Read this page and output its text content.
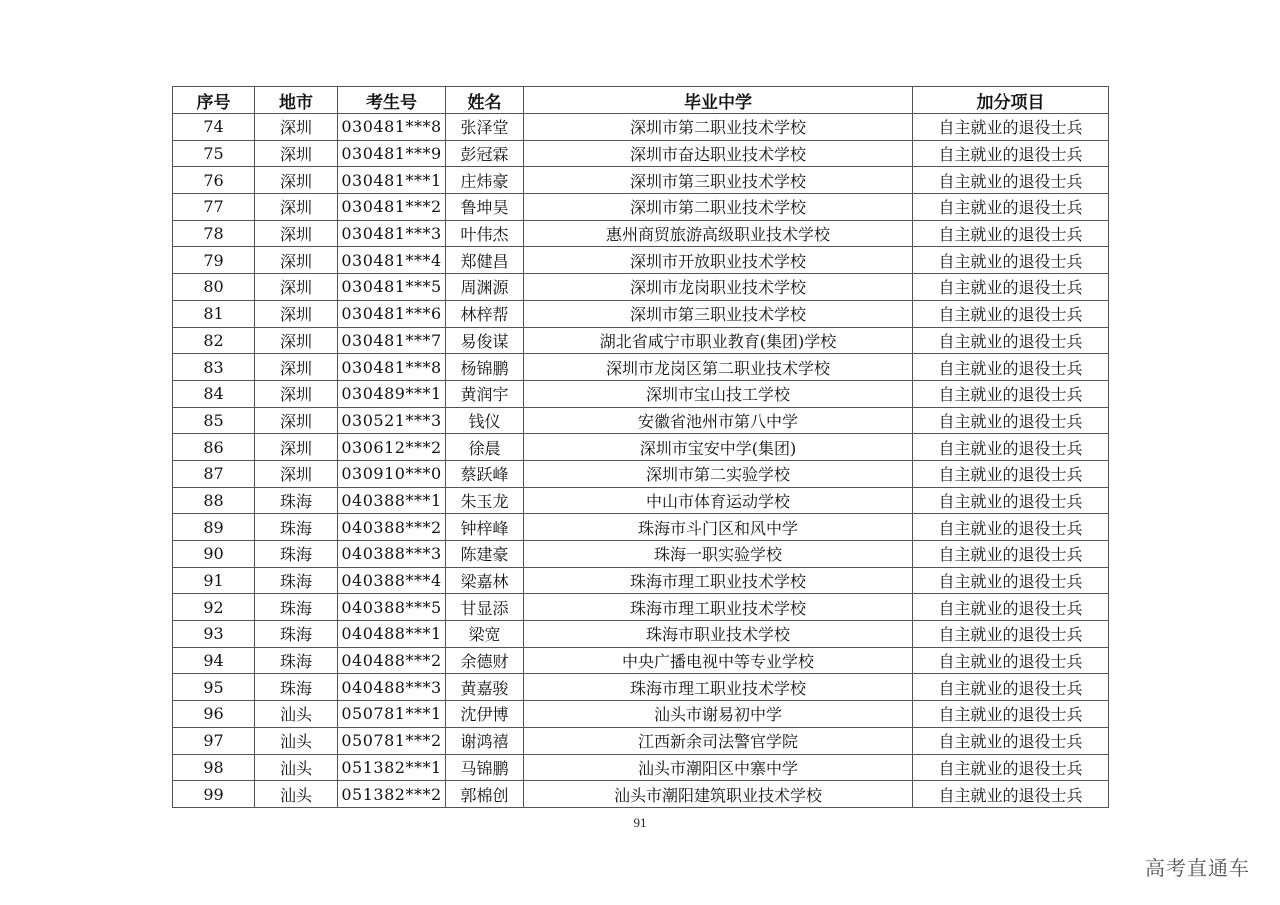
序号	地市	考生号	姓名	毕业中学	加分项目
74	深圳	030481***8	张泽堂	深圳市第二职业技术学校	自主就业的退役士兵
75	深圳	030481***9	彭冠霖	深圳市奋达职业技术学校	自主就业的退役士兵
76	深圳	030481***1	庄炜豪	深圳市第三职业技术学校	自主就业的退役士兵
77	深圳	030481***2	鲁坤昊	深圳市第二职业技术学校	自主就业的退役士兵
78	深圳	030481***3	叶伟杰	惠州商贸旅游高级职业技术学校	自主就业的退役士兵
79	深圳	030481***4	郑健昌	深圳市开放职业技术学校	自主就业的退役士兵
80	深圳	030481***5	周渊源	深圳市龙岗职业技术学校	自主就业的退役士兵
81	深圳	030481***6	林梓帮	深圳市第三职业技术学校	自主就业的退役士兵
82	深圳	030481***7	易俊谋	湖北省咸宁市职业教育(集团)学校	自主就业的退役士兵
83	深圳	030481***8	杨锦鹏	深圳市龙岗区第二职业技术学校	自主就业的退役士兵
84	深圳	030489***1	黄润宇	深圳市宝山技工学校	自主就业的退役士兵
85	深圳	030521***3	钱仪	安徽省池州市第八中学	自主就业的退役士兵
86	深圳	030612***2	徐晨	深圳市宝安中学(集团)	自主就业的退役士兵
87	深圳	030910***0	蔡跃峰	深圳市第二实验学校	自主就业的退役士兵
88	珠海	040388***1	朱玉龙	中山市体育运动学校	自主就业的退役士兵
89	珠海	040388***2	钟梓峰	珠海市斗门区和风中学	自主就业的退役士兵
90	珠海	040388***3	陈建豪	珠海一职实验学校	自主就业的退役士兵
91	珠海	040388***4	梁嘉林	珠海市理工职业技术学校	自主就业的退役士兵
92	珠海	040388***5	甘显添	珠海市理工职业技术学校	自主就业的退役士兵
93	珠海	040488***1	梁宽	珠海市职业技术学校	自主就业的退役士兵
94	珠海	040488***2	余德财	中央广播电视中等专业学校	自主就业的退役士兵
95	珠海	040488***3	黄嘉骏	珠海市理工职业技术学校	自主就业的退役士兵
96	汕头	050781***1	沈伊博	汕头市谢易初中学	自主就业的退役士兵
97	汕头	050781***2	谢鸿禧	江西新余司法警官学院	自主就业的退役士兵
98	汕头	051382***1	马锦鹏	汕头市潮阳区中寨中学	自主就业的退役士兵
99	汕头	051382***2	郭棉创	汕头市潮阳建筑职业技术学校	自主就业的退役士兵
91
高考直通车
